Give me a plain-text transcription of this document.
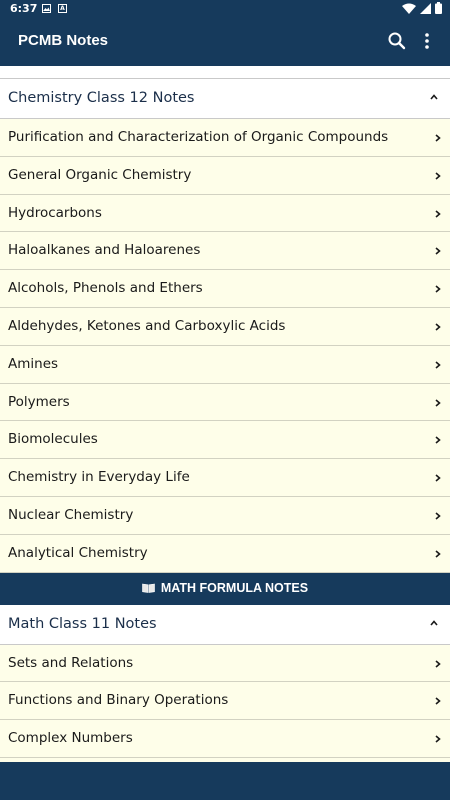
6:37	A
PCMB Notes
Chemistry Class 12 Notes
Purification and Characterization of Organic Compounds
General Organic Chemistry
Hydrocarbons
Haloalkanes and Haloarenes
Alcohols, Phenols and Ethers
Aldehydes, Ketones and Carboxylic Acids
Amines
Polymers
Biomolecules
Chemistry in Everyday Life
Nuclear Chemistry
Analytical Chemistry
MATH FORMULA NOTES
Math Class 11 Notes
Sets and Relations
Functions and Binary Operations
Complex Numbers
